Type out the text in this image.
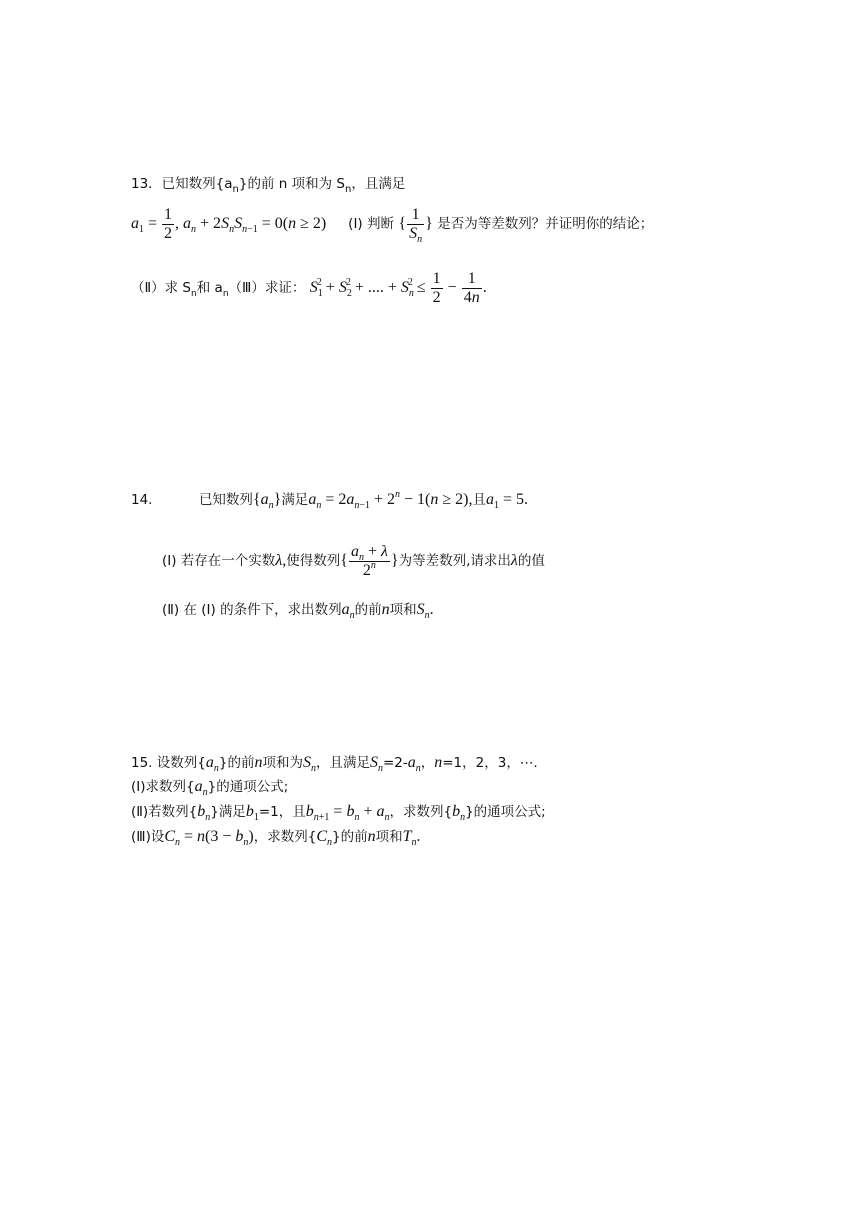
13．已知数列$\{a_n\}$的前 n 项和为 $S_n$，且满足
$a_1 = \frac{1}{2}$ , $a_n + 2S_nS_{n-1} = 0(n \ge 2)$ (Ⅰ) 判断 { $\frac{1}{S_n}$ } 是否为等差数列？并证明你的结论；
（Ⅱ）求 $S_n$和 $a_n(Ⅲ)$求证： $S_1^2 + S_2^2$ + .... + $S_n^2 \le \frac{1}{2} - \frac{1}{4n}$ .
14.	已知数列$\{a_n\}$满足$a_n = 2a_{n-1} + 2^n - 1(n \ge 2)$,且$a_1 = 5$.
(Ⅰ) 若存在一个实数λ,使得数列{ $\frac{a_n + \lambda}{2^n}$ }为等差数列,请求出λ的值
(Ⅱ) 在 (Ⅰ) 的条件下，求出数列$a_n$的前n项和$S_n$.
15. 设数列$\{a_n\}$的前n项和为$S_n$，且满足$S_n=2-a_n$，n=1，2，3，⋯.
(Ⅰ)求数列$\{a_n\}$的通项公式;
(Ⅱ)若数列$\{b_n\}$满足$b_1=1$，且$b_{n+1} = b_n + a_n$，求数列$\{b_n\}$的通项公式;
(Ⅲ)设$C_n = n(3 - b_n)$，求数列$\{C_n\}$的前n项和$T_n$.
